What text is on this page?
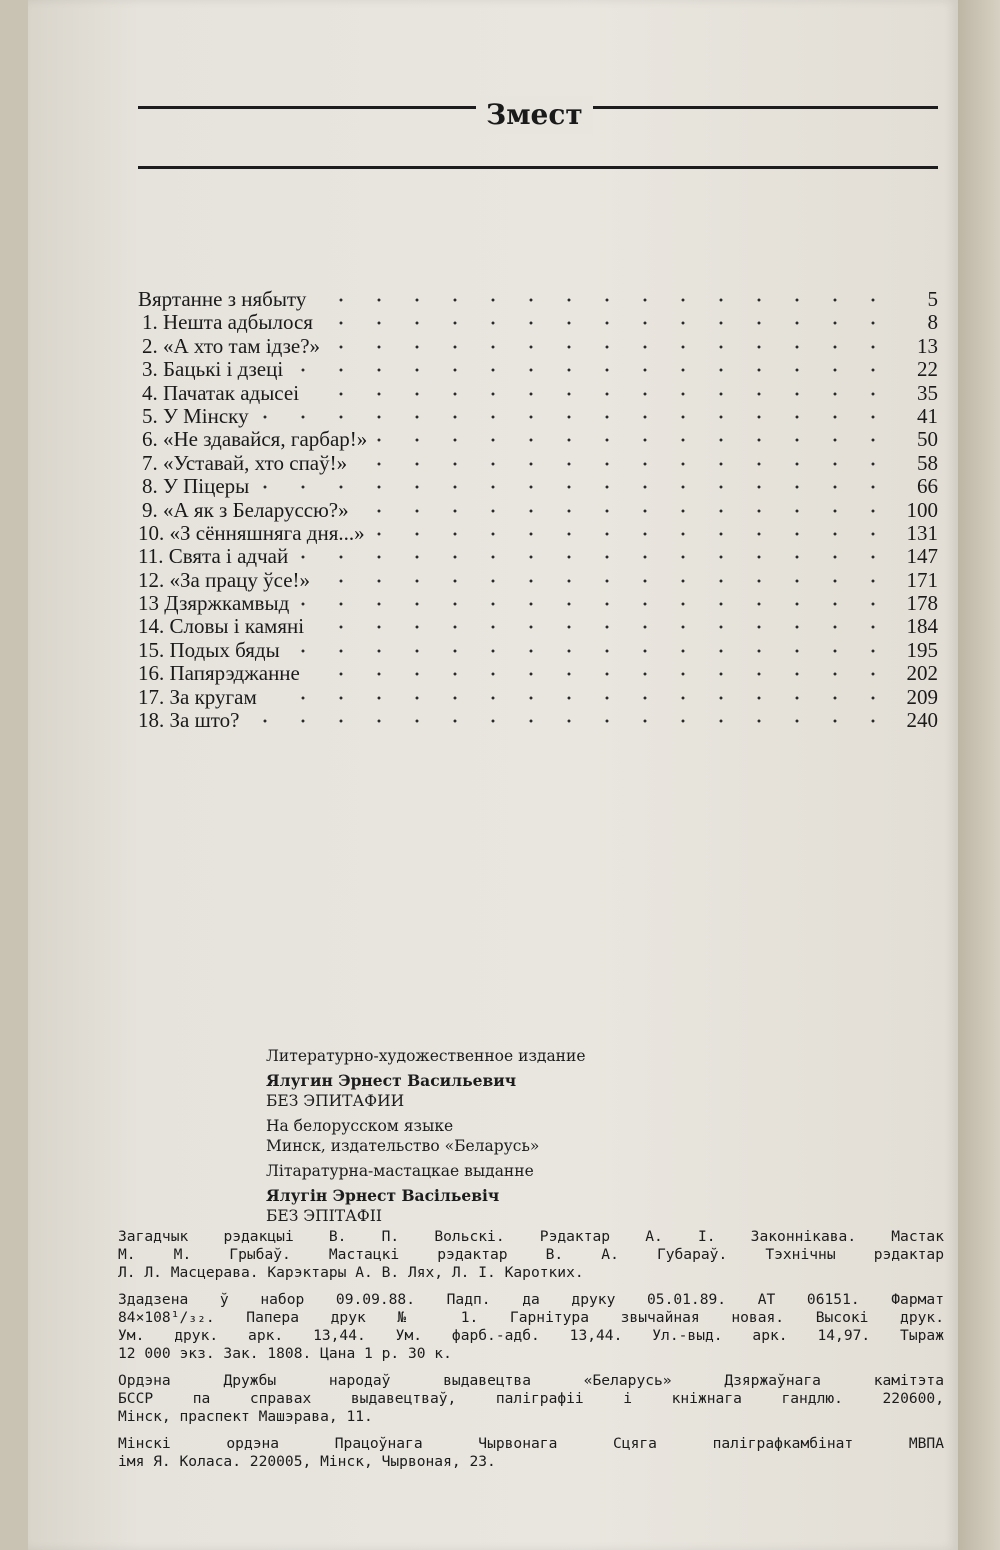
Змест
Вяртанне з нябыту	5
1. Нешта адбылося	8
2. «А хто там ідзе?»	13
3. Бацькі і дзеці	22
4. Пачатак адысеі	35
5. У Мінску	41
6. «Не здавайся, гарбар!»	50
7. «Уставай, хто спаў!»	58
8. У Піцеры	66
9. «А як з Беларуссю?»	100
10. «З сённяшняга дня...»	131
11. Свята і адчай	147
12. «За працу ўсе!»	171
13 Дзяржкамвыд	178
14. Словы і камяні	184
15. Подых бяды	195
16. Папярэджанне	202
17. За кругам	209
18. За што?	240
Литературно-художественное издание
Ялугин Эрнест Васильевич
БЕЗ ЭПИТАФИИ
На белорусском языке
Минск, издательство «Беларусь»
Літаратурна-мастацкае выданне
Ялугін Эрнест Васільевіч
БЕЗ ЭПІТАФІІ
Загадчык рэдакцыі В. П. Вольскі. Рэдактар А. І. Законнікава. Мастак
М. М. Грыбаў. Мастацкі рэдактар В. А. Губараў. Тэхнічны рэдактар
Л. Л. Масцерава. Карэктары А. В. Лях, Л. І. Каротких.
Здадзена ў набор 09.09.88. Падп. да друку 05.01.89. АТ 06151. Фармат
84×108¹/₃₂. Папера друк № 1. Гарнітура звычайная новая. Высокі друк.
Ум. друк. арк. 13,44. Ум. фарб.-адб. 13,44. Ул.-выд. арк. 14,97. Тыраж
12 000 экз. Зак. 1808. Цана 1 р. 30 к.
Ордэна Дружбы народаў выдавецтва «Беларусь» Дзяржаўнага камітэта
БССР па справах выдавецтваў, паліграфіі і кніжнага гандлю. 220600,
Мінск, праспект Машэрава, 11.
Мінскі ордэна Працоўнага Чырвонага Сцяга паліграфкамбінат МВПА
імя Я. Коласа. 220005, Мінск, Чырвоная, 23.
